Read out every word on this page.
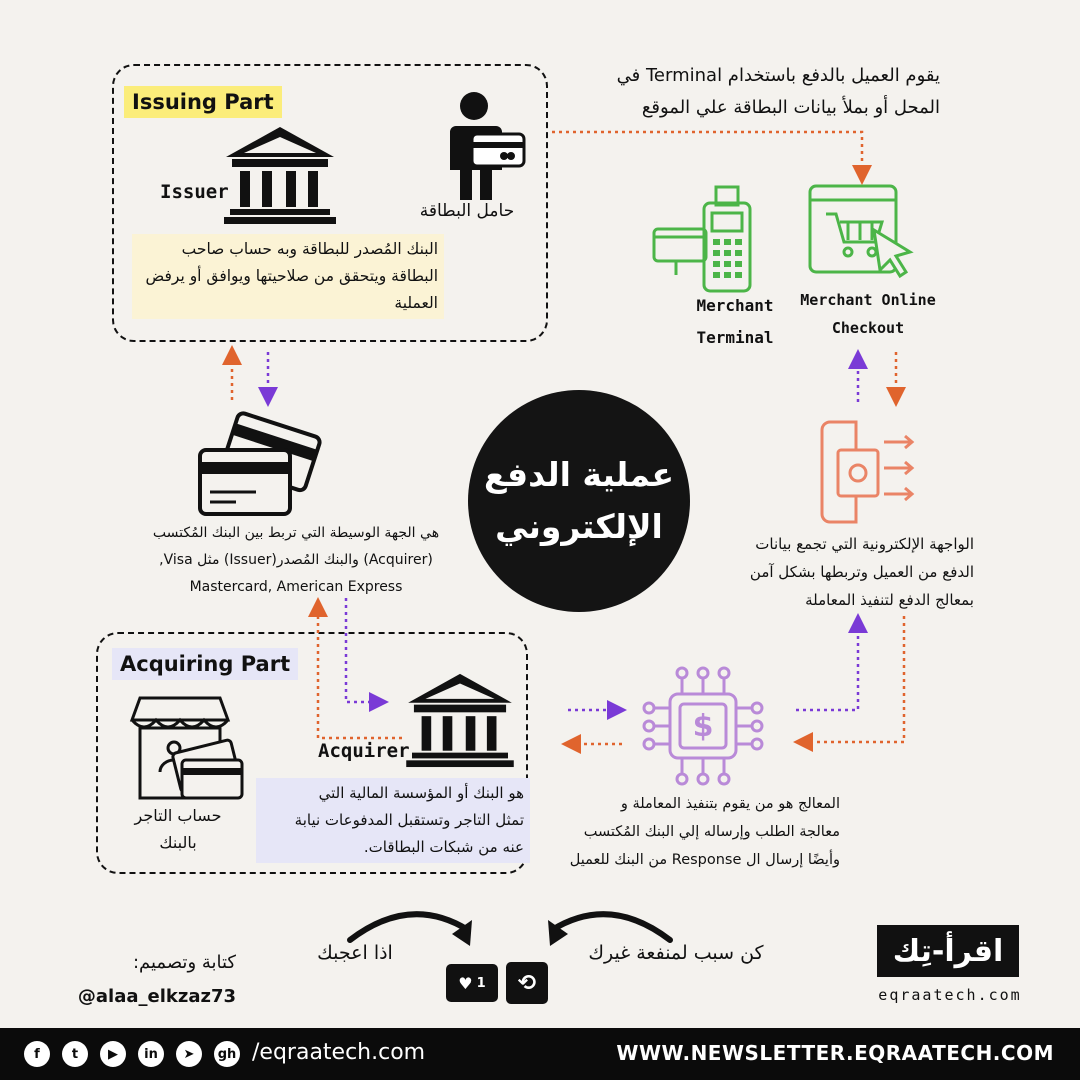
Issuing Part
Issuer
حامل البطاقة
البنك المُصدر للبطاقة وبه حساب صاحب البطاقة ويتحقق من صلاحيتها ويوافق أو يرفض العملية
يقوم العميل بالدفع باستخدام Terminal في
المحل أو بملأ بيانات البطاقة علي الموقع
Merchant
Terminal
Merchant Online
Checkout
عملية الدفع
الإلكتروني
هي الجهة الوسيطة التي تربط بين البنك المُكتسب
(Acquirer) والبنك المُصدر(Issuer) مثل Visa,
Mastercard, American Express
الواجهة الإلكترونية التي تجمع بيانات
الدفع من العميل وتربطها بشكل آمن
بمعالج الدفع لتنفيذ المعاملة
Acquiring Part
حساب التاجر
بالبنك
Acquirer
هو البنك أو المؤسسة المالية التي
تمثل التاجر وتستقبل المدفوعات نيابة
عنه من شبكات البطاقات.
$
المعالج هو من يقوم بتنفيذ المعاملة و
معالجة الطلب وإرساله إلي البنك المُكتسب
وأيضًا إرسال ال Response من البنك للعميل
كتابة وتصميم:
@alaa_elkzaz73
اذا اعجبك	كن سبب لمنفعة غيرك
♥ 1 ⟲
اقرأ-تِك
eqraatech.com
f	t	▶	in	➤	gh /eqraatech.com	WWW.NEWSLETTER.EQRAATECH.COM
